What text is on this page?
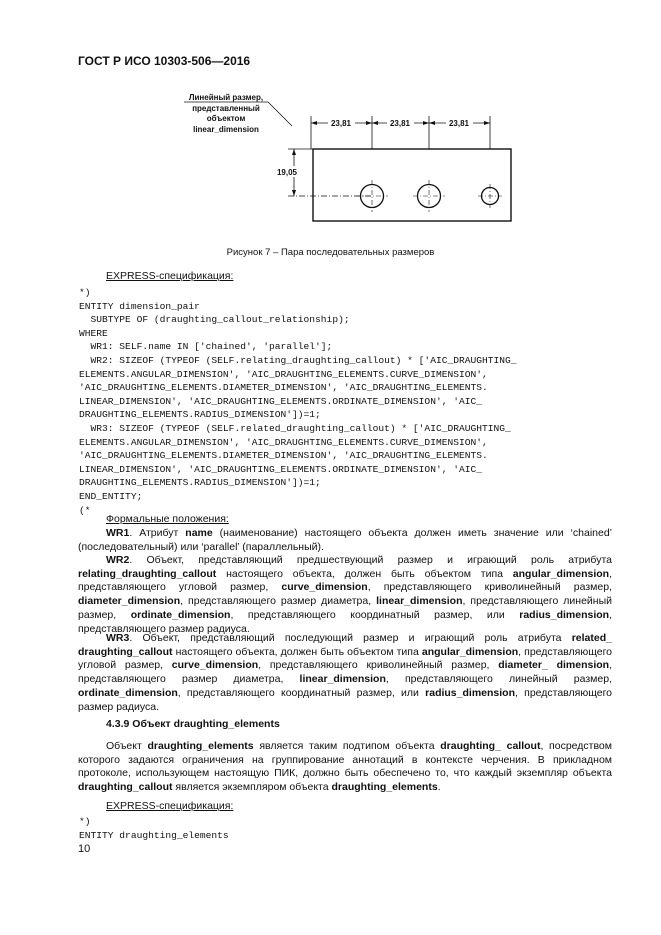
ГОСТ Р ИСО 10303-506—2016
Линейный размер,
представленный
объектом
linear_dimension
23,81	23,81	23,81
19,05
Рисунок 7 – Пара последовательных размеров
EXPRESS-спецификация:
*)
ENTITY dimension_pair
SUBTYPE OF (draughting_callout_relationship);
WHERE
WR1: SELF.name IN ['chained', 'parallel'];
WR2: SIZEOF (TYPEOF (SELF.relating_draughting_callout) * ['AIC_DRAUGHTING_
ELEMENTS.ANGULAR_DIMENSION', 'AIC_DRAUGHTING_ELEMENTS.CURVE_DIMENSION',
'AIC_DRAUGHTING_ELEMENTS.DIAMETER_DIMENSION', 'AIC_DRAUGHTING_ELEMENTS.
LINEAR_DIMENSION', 'AIC_DRAUGHTING_ELEMENTS.ORDINATE_DIMENSION', 'AIC_
DRAUGHTING_ELEMENTS.RADIUS_DIMENSION'])=1;
WR3: SIZEOF (TYPEOF (SELF.related_draughting_callout) * ['AIC_DRAUGHTING_
ELEMENTS.ANGULAR_DIMENSION', 'AIC_DRAUGHTING_ELEMENTS.CURVE_DIMENSION',
'AIC_DRAUGHTING_ELEMENTS.DIAMETER_DIMENSION', 'AIC_DRAUGHTING_ELEMENTS.
LINEAR_DIMENSION', 'AIC_DRAUGHTING_ELEMENTS.ORDINATE_DIMENSION', 'AIC_
DRAUGHTING_ELEMENTS.RADIUS_DIMENSION'])=1;
END_ENTITY;
(*
Формальные положения:

WR1. Атрибут name (наименование) настоящего объекта должен иметь значение или ‘chained’ (последовательный) или ‘parallel’ (параллельный).

WR2. Объект, представляющий предшествующий размер и играющий роль атрибута relating_draughting_callout настоящего объекта, должен быть объектом типа angular_dimension, представляющего угловой размер, curve_dimension, представляющего криволинейный размер, diameter_dimension, представляющего размер диаметра, linear_dimension, представляющего линейный размер, ordinate_dimension, представляющего координатный размер, или radius_dimension, представляющего размер радиуса.

WR3. Объект, представляющий последующий размер и играющий роль атрибута related_ draughting_callout настоящего объекта, должен быть объектом типа angular_dimension, представляющего угловой размер, curve_dimension, представляющего криволинейный размер, diameter_ dimension, представляющего размер диаметра, linear_dimension, представляющего линейный размер, ordinate_dimension, представляющего координатный размер, или radius_dimension, представляющего размер радиуса.

4.3.9 Объект draughting_elements

Объект draughting_elements является таким подтипом объекта draughting_ callout, посредством которого задаются ограничения на группирование аннотаций в контексте черчения. В прикладном протоколе, использующем настоящую ПИК, должно быть обеспечено то, что каждый экземпляр объекта draughting_callout является экземпляром объекта draughting_elements.

EXPRESS-спецификация:
*)
ENTITY draughting_elements
10
